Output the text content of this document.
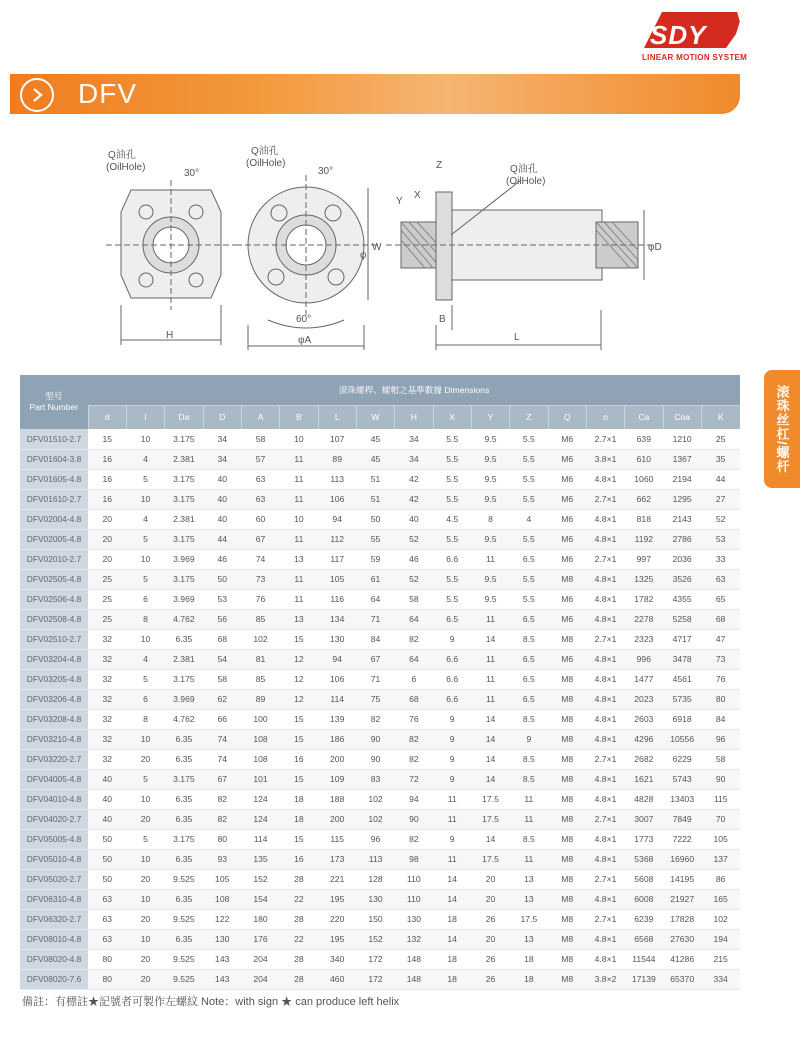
SDY
LINEAR MOTION SYSTEM
DFV
H
Q油孔
(OilHole)
30°
φA
60°
Q油孔
(OilHole)
30°
W
φ
Q油孔
(OilHole)
Z
Y
X
B
L
φD
滚珠丝杠/螺杆
型号
Part Number	滾珠螺桿、螺帽之基準數據 Dimensions																
	d	l	Da	D	A	B	L	W	H	X	Y	Z	Q	n	Ca	Coa	K
DFV01510-2.7	15	10	3.175	34	58	10	107	45	34	5.5	9.5	5.5	M6	2.7×1	639	1210	25
DFV01604-3.8	16	4	2.381	34	57	11	89	45	34	5.5	9.5	5.5	M6	3.8×1	610	1367	35
DFV01605-4.8	16	5	3.175	40	63	11	113	51	42	5.5	9.5	5.5	M6	4.8×1	1060	2194	44
DFV01610-2.7	16	10	3.175	40	63	11	106	51	42	5.5	9.5	5.5	M6	2.7×1	662	1295	27
DFV02004-4.8	20	4	2.381	40	60	10	94	50	40	4.5	8	4	M6	4.8×1	818	2143	52
DFV02005-4.8	20	5	3.175	44	67	11	112	55	52	5.5	9.5	5.5	M6	4.8×1	1192	2786	53
DFV02010-2.7	20	10	3.969	46	74	13	117	59	46	6.6	11	6.5	M6	2.7×1	997	2036	33
DFV02505-4.8	25	5	3.175	50	73	11	105	61	52	5.5	9.5	5.5	M8	4.8×1	1325	3526	63
DFV02506-4.8	25	6	3.969	53	76	11	116	64	58	5.5	9.5	5.5	M6	4.8×1	1782	4355	65
DFV02508-4.8	25	8	4.762	56	85	13	134	71	64	6.5	11	6.5	M6	4.8×1	2278	5258	68
DFV02510-2.7	32	10	6.35	68	102	15	130	84	82	9	14	8.5	M8	2.7×1	2323	4717	47
DFV03204-4.8	32	4	2.381	54	81	12	94	67	64	6.6	11	6.5	M6	4.8×1	996	3478	73
DFV03205-4.8	32	5	3.175	58	85	12	106	71	6	6.6	11	6.5	M8	4.8×1	1477	4561	76
DFV03206-4.8	32	6	3.969	62	89	12	114	75	68	6.6	11	6.5	M8	4.8×1	2023	5735	80
DFV03208-4.8	32	8	4.762	66	100	15	139	82	76	9	14	8.5	M8	4.8×1	2603	6918	84
DFV03210-4.8	32	10	6.35	74	108	15	186	90	82	9	14	9	M8	4.8×1	4296	10556	96
DFV03220-2.7	32	20	6.35	74	108	16	200	90	82	9	14	8.5	M8	2.7×1	2682	6229	58
DFV04005-4.8	40	5	3.175	67	101	15	109	83	72	9	14	8.5	M8	4.8×1	1621	5743	90
DFV04010-4.8	40	10	6.35	82	124	18	188	102	94	11	17.5	11	M8	4.8×1	4828	13403	115
DFV04020-2.7	40	20	6.35	82	124	18	200	102	90	11	17.5	11	M8	2.7×1	3007	7849	70
DFV05005-4.8	50	5	3.175	80	114	15	115	96	82	9	14	8.5	M8	4.8×1	1773	7222	105
DFV05010-4.8	50	10	6.35	93	135	16	173	113	98	11	17.5	11	M8	4.8×1	5368	16960	137
DFV05020-2.7	50	20	9.525	105	152	28	221	128	110	14	20	13	M8	2.7×1	5608	14195	86
DFV06310-4.8	63	10	6.35	108	154	22	195	130	110	14	20	13	M8	4.8×1	6008	21927	165
DFV06320-2.7	63	20	9.525	122	180	28	220	150	130	18	26	17.5	M8	2.7×1	6239	17828	102
DFV08010-4.8	63	10	6.35	130	176	22	195	152	132	14	20	13	M8	4.8×1	6568	27630	194
DFV08020-4.8	80	20	9.525	143	204	28	340	172	148	18	26	18	M8	4.8×1	11544	41286	215
DFV08020-7.6	80	20	9.525	143	204	28	460	172	148	18	26	18	M8	3.8×2	17139	65370	334
備註：有標註★記號者可製作左螺紋 Note：with sign ★ can produce left helix
